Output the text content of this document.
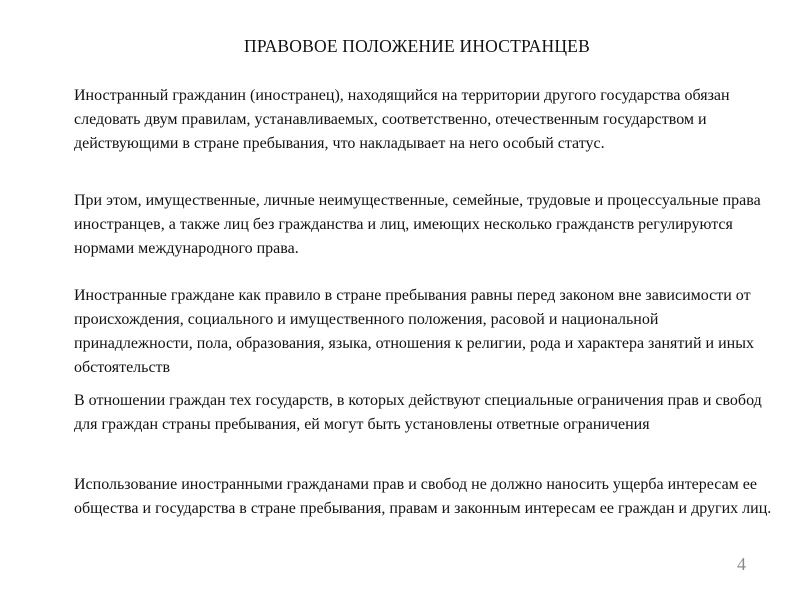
ПРАВОВОЕ ПОЛОЖЕНИЕ ИНОСТРАНЦЕВ

Иностранный гражданин (иностранец), находящийся на территории другого государства обязан следовать двум правилам, устанавливаемых, соответственно, отечественным государством и действующими в стране пребывания, что накладывает на него особый статус.

При этом, имущественные, личные неимущественные, семейные, трудовые и процессуальные права иностранцев, а также лиц без гражданства и лиц, имеющих несколько гражданств регулируются нормами международного права.

Иностранные граждане как правило в стране пребывания равны перед законом вне зависимости от происхождения, социального и имущественного положения, расовой и национальной принадлежности, пола, образования, языка, отношения к религии, рода и характера занятий и иных обстоятельств

В отношении граждан тех государств, в которых действуют специальные ограничения прав и свобод для граждан страны пребывания, ей могут быть установлены ответные ограничения

Использование иностранными гражданами прав и свобод не должно наносить ущерба интересам ее общества и государства в стране пребывания, правам и законным интересам ее граждан и других лиц.

4
